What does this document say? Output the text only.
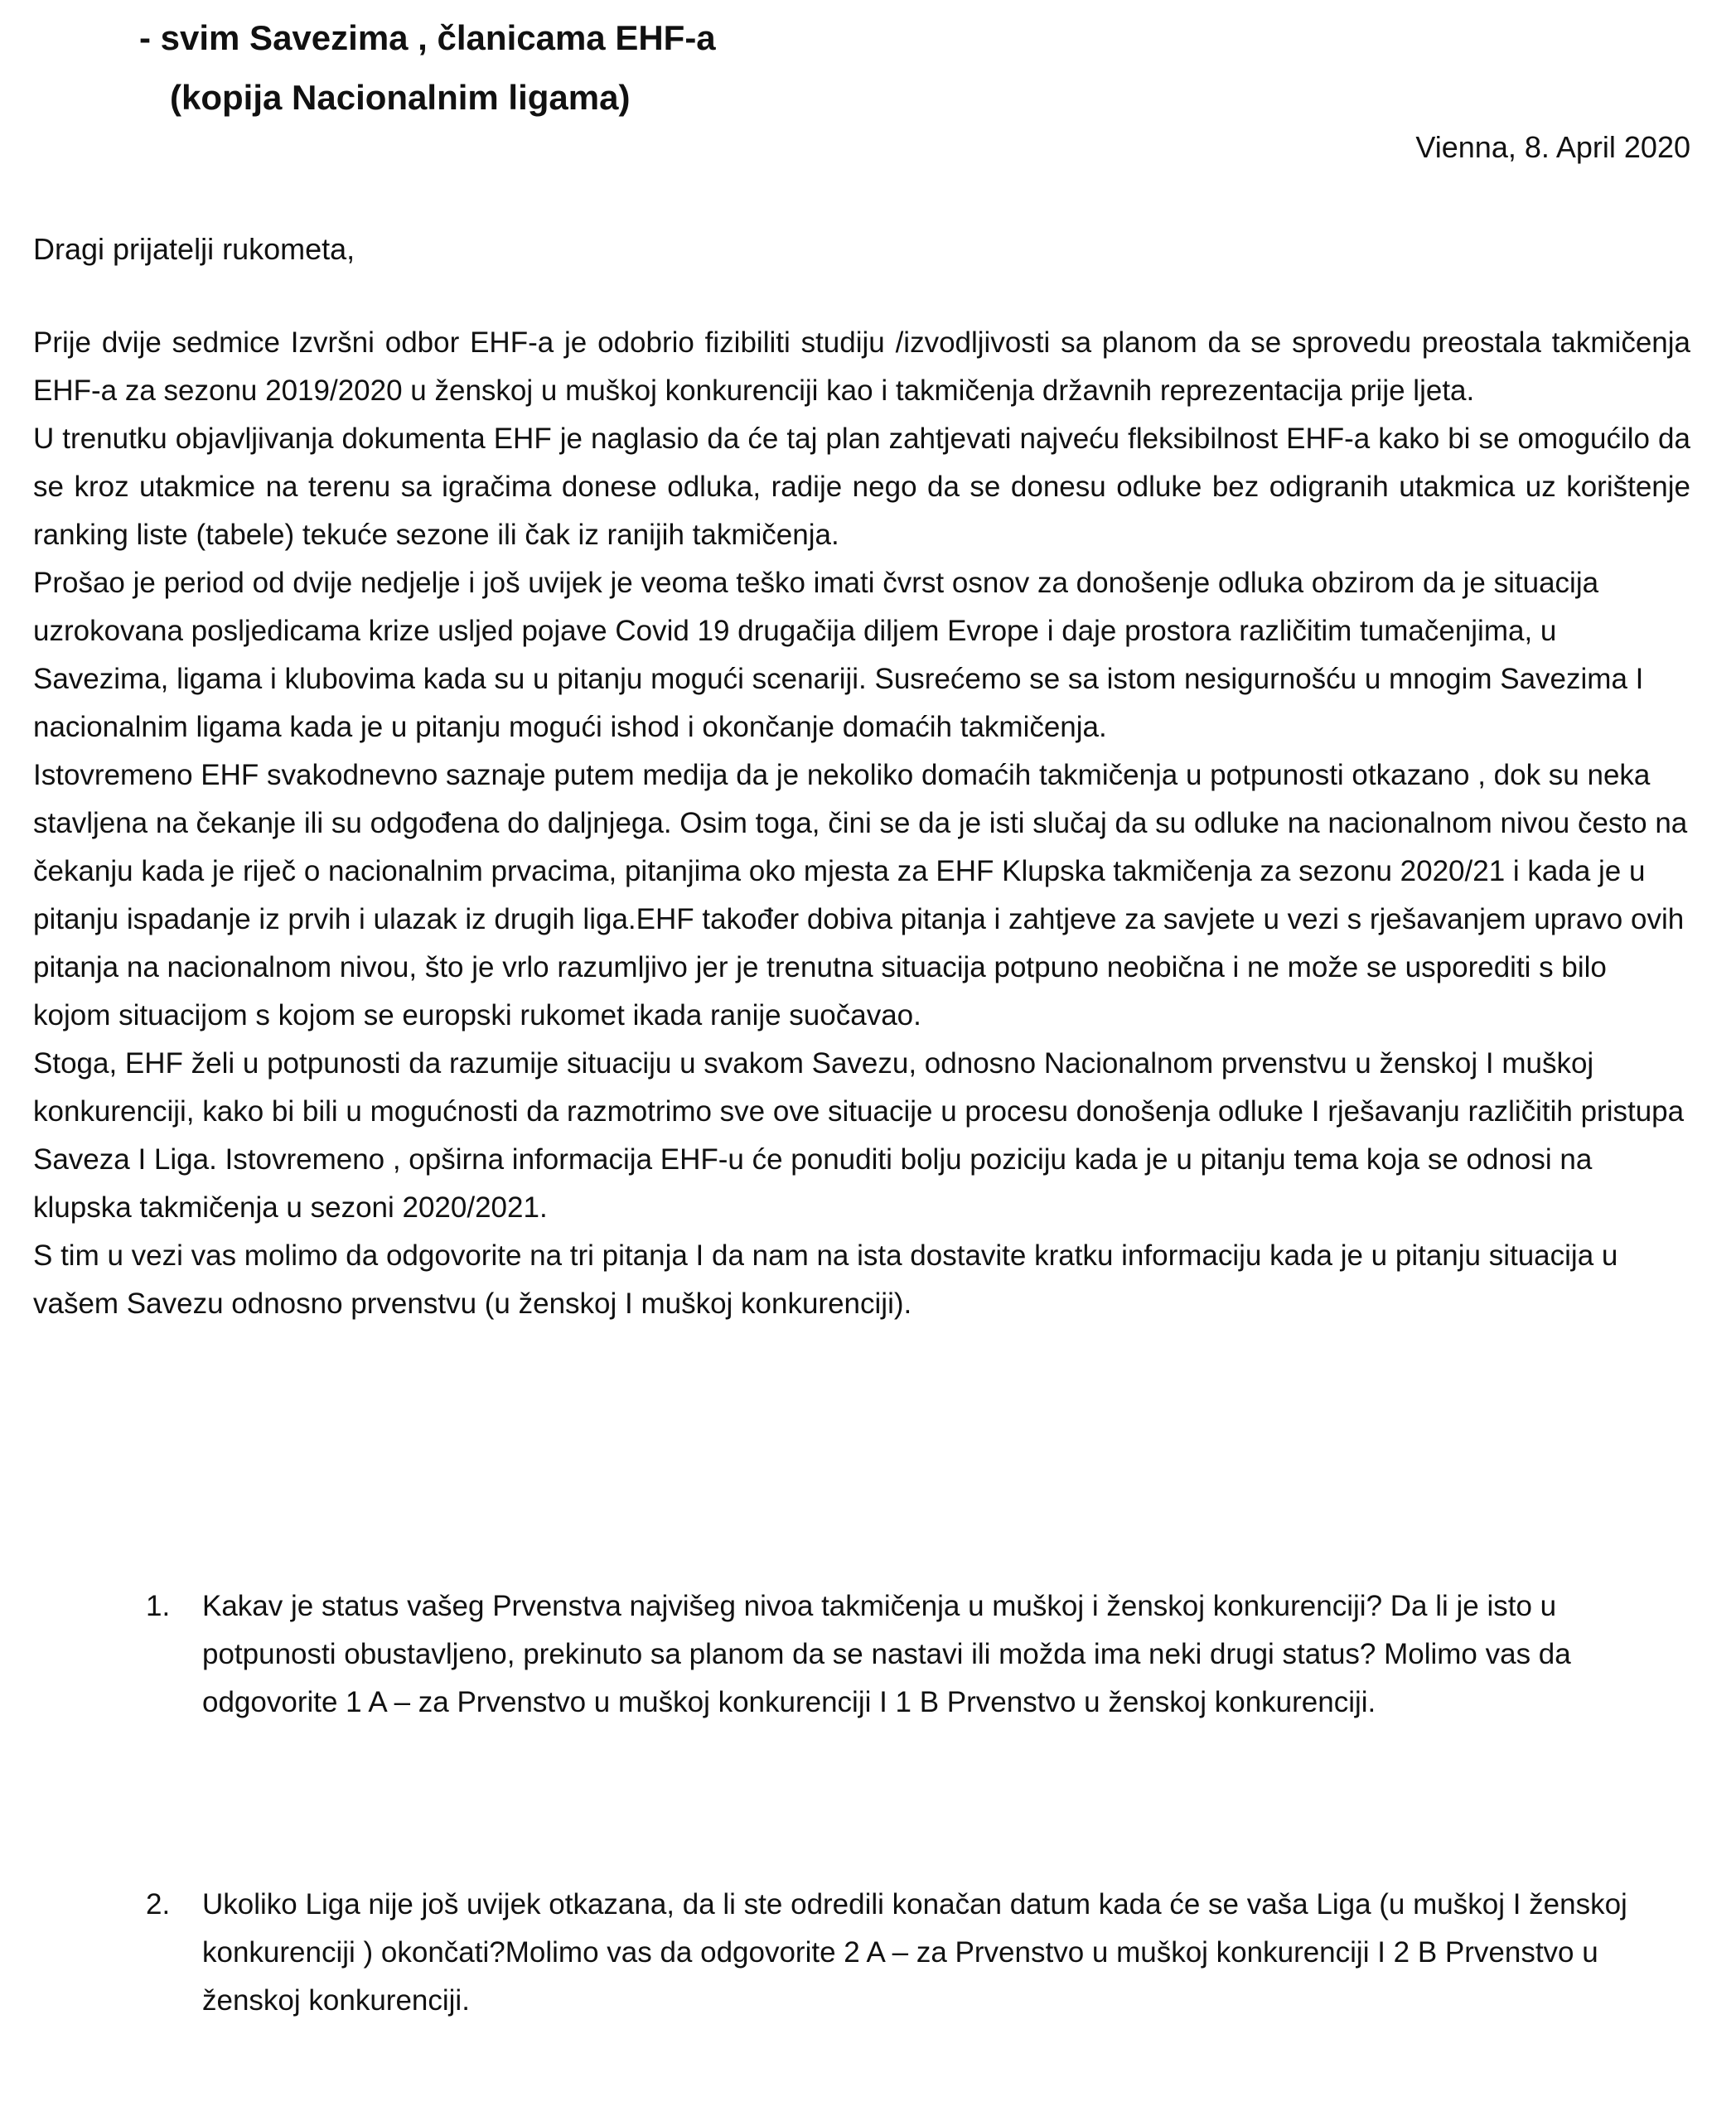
- svim Savezima , članicama EHF-a

(kopija Nacionalnim ligama)

Vienna, 8. April 2020
Dragi prijatelji rukometa,

Prije dvije sedmice Izvršni odbor EHF-a je odobrio fizibiliti studiju /izvodljivosti sa planom da se sprovedu preostala takmičenja EHF-a za sezonu 2019/2020 u ženskoj u muškoj konkurenciji kao i takmičenja državnih reprezentacija prije ljeta.

U trenutku objavljivanja dokumenta EHF je naglasio da će taj plan zahtjevati najveću fleksibilnost EHF-a kako bi se omogućilo da se kroz utakmice na terenu sa igračima donese odluka, radije nego da se donesu odluke bez odigranih utakmica uz korištenje ranking liste (tabele) tekuće sezone ili čak iz ranijih takmičenja.

Prošao je period od dvije nedjelje i još uvijek je veoma teško imati čvrst osnov za donošenje odluka obzirom da je situacija uzrokovana posljedicama krize usljed pojave Covid 19 drugačija diljem Evrope i daje prostora različitim tumačenjima, u Savezima, ligama i klubovima kada su u pitanju mogući scenariji. Susrećemo se sa istom nesigurnošću u mnogim Savezima I nacionalnim ligama kada je u pitanju mogući ishod i okončanje domaćih takmičenja.

Istovremeno EHF svakodnevno saznaje putem medija da je nekoliko domaćih takmičenja u potpunosti otkazano , dok su neka stavljena na čekanje ili su odgođena do daljnjega. Osim toga, čini se da je isti slučaj da su odluke na nacionalnom nivou često na čekanju kada je riječ o nacionalnim prvacima, pitanjima oko mjesta za EHF Klupska takmičenja za sezonu 2020/21 i kada je u pitanju ispadanje iz prvih i ulazak iz drugih liga.EHF također dobiva pitanja i zahtjeve za savjete u vezi s rješavanjem upravo ovih pitanja na nacionalnom nivou, što je vrlo razumljivo jer je trenutna situacija potpuno neobična i ne može se usporediti s bilo kojom situacijom s kojom se europski rukomet ikada ranije suočavao.

Stoga, EHF želi u potpunosti da razumije situaciju u svakom Savezu, odnosno Nacionalnom prvenstvu u ženskoj I muškoj konkurenciji, kako bi bili u mogućnosti da razmotrimo sve ove situacije u procesu donošenja odluke I rješavanju različitih pristupa Saveza I Liga. Istovremeno , opširna informacija EHF-u će ponuditi bolju poziciju kada je u pitanju tema koja se odnosi na klupska takmičenja u sezoni 2020/2021.

S tim u vezi vas molimo da odgovorite na tri pitanja I da nam na ista dostavite kratku informaciju kada je u pitanju situacija u vašem Savezu odnosno prvenstvu (u ženskoj I muškoj konkurenciji).

1. Kakav je status vašeg Prvenstva najvišeg nivoa takmičenja u muškoj i ženskoj konkurenciji? Da li je isto u potpunosti obustavljeno, prekinuto sa planom da se nastavi ili možda ima neki drugi status? Molimo vas da odgovorite 1 A – za Prvenstvo u muškoj konkurenciji I 1 B Prvenstvo u ženskoj konkurenciji.
2. Ukoliko Liga nije još uvijek otkazana, da li ste odredili konačan datum kada će se vaša Liga (u muškoj I ženskoj konkurenciji ) okončati?Molimo vas da odgovorite 2 A – za Prvenstvo u muškoj konkurenciji I 2 B Prvenstvo u ženskoj konkurenciji.
